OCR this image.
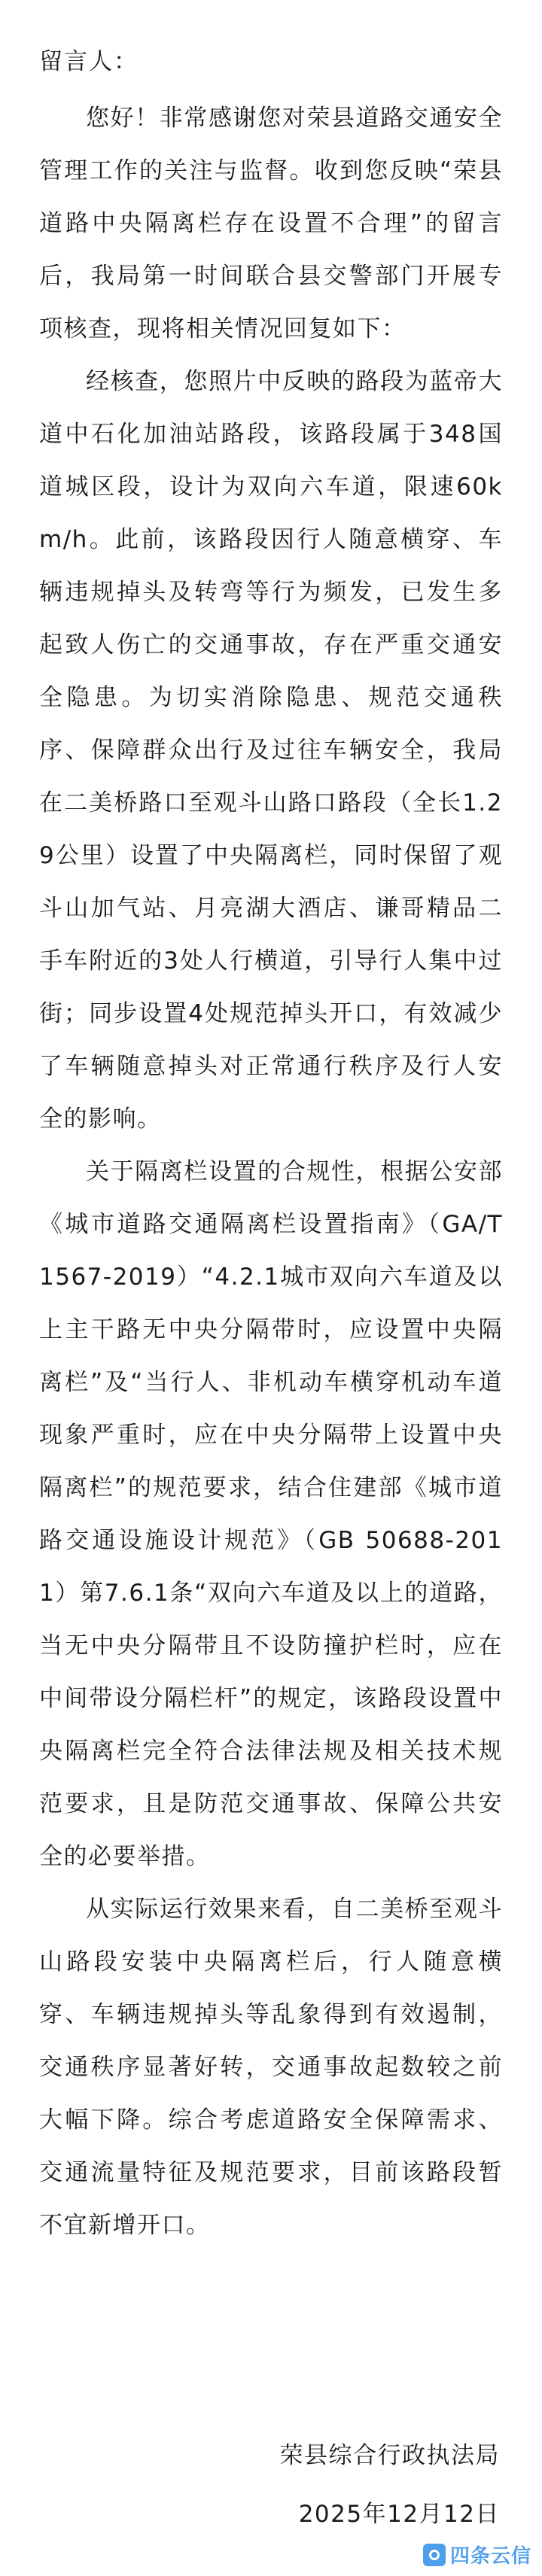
留言人：

您好！非常感谢您对荣县道路交通安全管理工作的关注与监督。收到您反映“荣县道路中央隔离栏存在设置不合理”的留言后，我局第一时间联合县交警部门开展专项核查，现将相关情况回复如下：

经核查，您照片中反映的路段为蓝帝大道中石化加油站路段，该路段属于348国道城区段，设计为双向六车道，限速60km/h。此前，该路段因行人随意横穿、车辆违规掉头及转弯等行为频发，已发生多起致人伤亡的交通事故，存在严重交通安全隐患。为切实消除隐患、规范交通秩序、保障群众出行及过往车辆安全，我局在二美桥路口至观斗山路口路段（全长1.29公里）设置了中央隔离栏，同时保留了观斗山加气站、月亮湖大酒店、谦哥精品二手车附近的3处人行横道，引导行人集中过街；同步设置4处规范掉头开口，有效减少了车辆随意掉头对正常通行秩序及行人安全的影响。

关于隔离栏设置的合规性，根据公安部《城市道路交通隔离栏设置指南》（GA/T 1567-2019）“4.2.1城市双向六车道及以上主干路无中央分隔带时，应设置中央隔离栏”及“当行人、非机动车横穿机动车道现象严重时，应在中央分隔带上设置中央隔离栏”的规范要求，结合住建部《城市道路交通设施设计规范》（GB 50688-2011）第7.6.1条“双向六车道及以上的道路，当无中央分隔带且不设防撞护栏时，应在中间带设分隔栏杆”的规定，该路段设置中央隔离栏完全符合法律法规及相关技术规范要求，且是防范交通事故、保障公共安全的必要举措。

从实际运行效果来看，自二美桥至观斗山路段安装中央隔离栏后，行人随意横穿、车辆违规掉头等乱象得到有效遏制，交通秩序显著好转，交通事故起数较之前大幅下降。综合考虑道路安全保障需求、交通流量特征及规范要求，目前该路段暂不宜新增开口。

荣县综合行政执法局
2025年12月12日
四条云信
